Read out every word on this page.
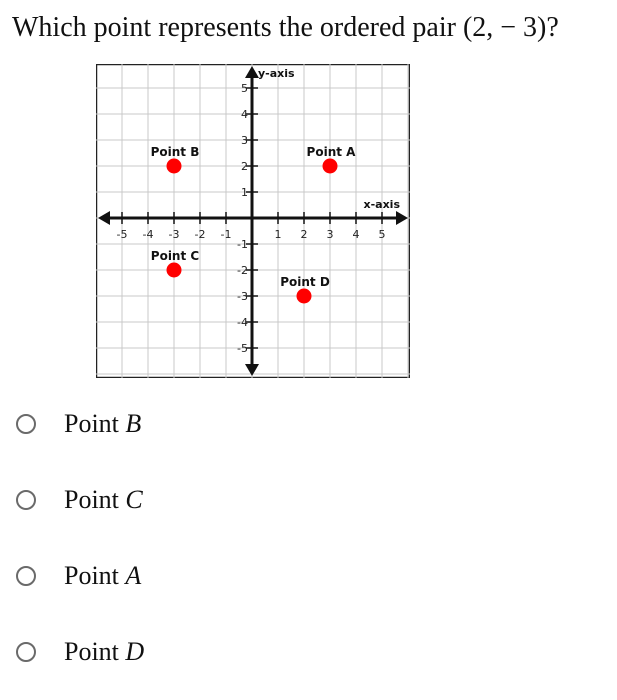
Which point represents the ordered pair (2, − 3)?
-5 -4 -3 -2 -1	1 2 3 4 5
5
4
3
2
1
-1
-2
-3
-4
-5
x-axis
y-axis
Point A
Point B
Point C
Point D
Point B
Point C
Point A
Point D
